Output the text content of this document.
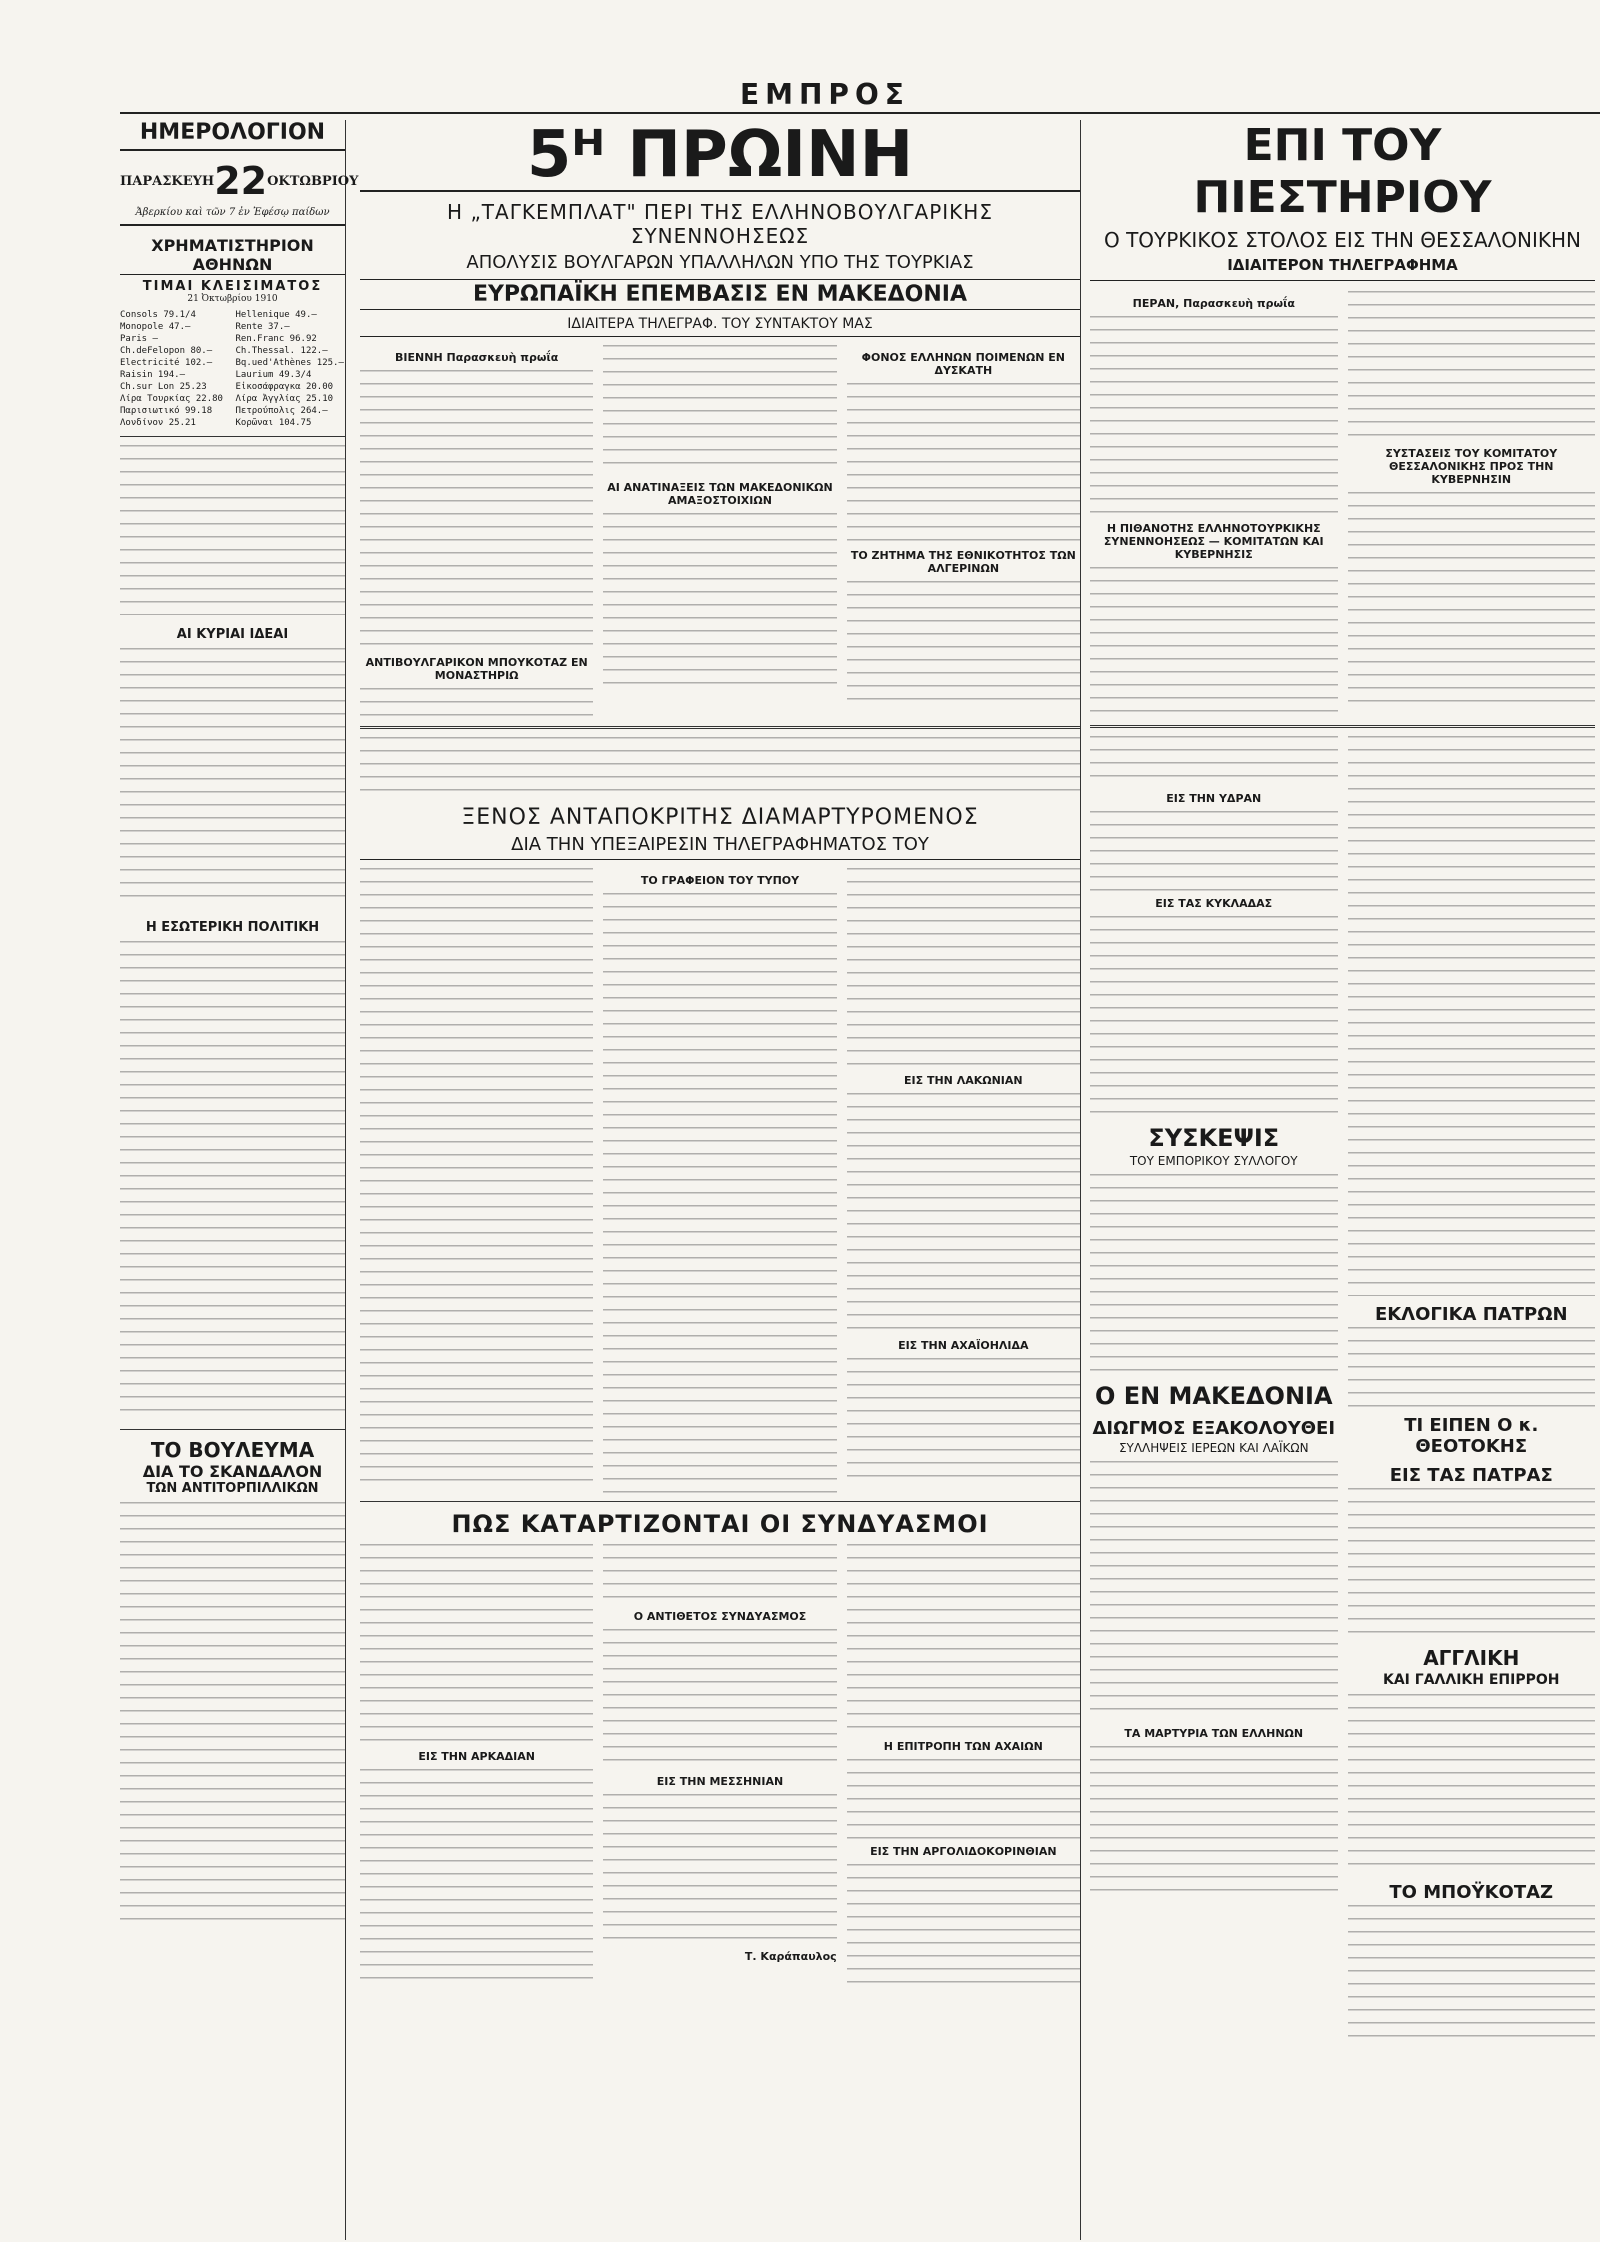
ΕΜΠΡΟΣ
ΗΜΕΡΟΛΟΓΙΟΝ
ΠΑΡΑΣΚΕΥΗ 22 ΟΚΤΩΒΡΙΟΥ
Ἀβερκίου καὶ τῶν 7 ἐν Ἐφέσῳ παίδων
ΧΡΗΜΑΤΙΣΤΗΡΙΟΝ ΑΘΗΝΩΝ
ΤΙΜΑΙ ΚΛΕΙΣΙΜΑΤΟΣ
21 Ὀκτωβρίου 1910
Consols 79.1/4	Hellenique 49.—
Monopole 47.—	Rente 37.—
Paris —	Ren.Franc 96.92
Ch.deFelopon 80.—	Ch.Thessal. 122.—
Electricité 102.—	Bq.ued'Athènes 125.—
Raisin 194.—	Laurium 49.3/4
Ch.sur Lon 25.23	Εἰκοσάφραγκα 20.00
Λίρα Τουρκίας 22.80	Λίρα Ἀγγλίας 25.10
Παρισιωτικό 99.18	Πετρούπολις 264.—
Λονδίνον 25.21	Κορῶναι 104.75
ΑΙ ΚΥΡΙΑΙ ΙΔΕΑΙ
Η ΕΣΩΤΕΡΙΚΗ ΠΟΛΙΤΙΚΗ
ΤΟ ΒΟΥΛΕΥΜΑ
ΔΙΑ ΤΟ ΣΚΑΝΔΑΛΟΝ
ΤΩΝ ΑΝΤΙΤΟΡΠΙΛΛΙΚΩΝ
5ᴴ ΠΡΩΙΝΗ
Η „ΤΑΓΚΕΜΠΛΑΤ" ΠΕΡΙ ΤΗΣ ΕΛΛΗΝΟΒΟΥΛΓΑΡΙΚΗΣ ΣΥΝΕΝΝΟΗΣΕΩΣ
ΑΠΟΛΥΣΙΣ ΒΟΥΛΓΑΡΩΝ ΥΠΑΛΛΗΛΩΝ ΥΠΟ ΤΗΣ ΤΟΥΡΚΙΑΣ
ΕΥΡΩΠΑΪΚΗ ΕΠΕΜΒΑΣΙΣ ΕΝ ΜΑΚΕΔΟΝΙΑ
ΙΔΙΑΙΤΕΡΑ ΤΗΛΕΓΡΑΦ. ΤΟΥ ΣΥΝΤΑΚΤΟΥ ΜΑΣ
ΒΙΕΝΝΗ Παρασκευὴ πρωΐα
ΑΝΤΙΒΟΥΛΓΑΡΙΚΟΝ ΜΠΟΥΚΟΤΑΖ ΕΝ ΜΟΝΑΣΤΗΡΙΩ
ΑΙ ΑΝΑΤΙΝΑΞΕΙΣ ΤΩΝ ΜΑΚΕΔΟΝΙΚΩΝ ΑΜΑΞΟΣΤΟΙΧΙΩΝ
ΦΟΝΟΣ ΕΛΛΗΝΩΝ ΠΟΙΜΕΝΩΝ ΕΝ ΔΥΣΚΑΤΗ
ΤΟ ΖΗΤΗΜΑ ΤΗΣ ΕΘΝΙΚΟΤΗΤΟΣ ΤΩΝ ΑΛΓΕΡΙΝΩΝ
ΞΕΝΟΣ ΑΝΤΑΠΟΚΡΙΤΗΣ ΔΙΑΜΑΡΤΥΡΟΜΕΝΟΣ
ΔΙΑ ΤΗΝ ΥΠΕΞΑΙΡΕΣΙΝ ΤΗΛΕΓΡΑΦΗΜΑΤΟΣ ΤΟΥ
ΤΟ ΓΡΑΦΕΙΟΝ ΤΟΥ ΤΥΠΟΥ
ΕΙΣ ΤΗΝ ΛΑΚΩΝΙΑΝ
ΕΙΣ ΤΗΝ ΑΧΑΪΟΗΛΙΔΑ
ΠΩΣ ΚΑΤΑΡΤΙΖΟΝΤΑΙ ΟΙ ΣΥΝΔΥΑΣΜΟΙ
ΕΙΣ ΤΗΝ ΑΡΚΑΔΙΑΝ
Ο ΑΝΤΙΘΕΤΟΣ ΣΥΝΔΥΑΣΜΟΣ
ΕΙΣ ΤΗΝ ΜΕΣΣΗΝΙΑΝ
Τ. Καράπαυλος
Η ΕΠΙΤΡΟΠΗ ΤΩΝ ΑΧΑΙΩΝ
ΕΙΣ ΤΗΝ ΑΡΓΟΛΙΔΟΚΟΡΙΝΘΙΑΝ
ΕΠΙ ΤΟΥ ΠΙΕΣΤΗΡΙΟΥ
Ο ΤΟΥΡΚΙΚΟΣ ΣΤΟΛΟΣ ΕΙΣ ΤΗΝ ΘΕΣΣΑΛΟΝΙΚΗΝ
ΙΔΙΑΙΤΕΡΟΝ ΤΗΛΕΓΡΑΦΗΜΑ
ΠΕΡΑΝ, Παρασκευὴ πρωΐα
Η ΠΙΘΑΝΟΤΗΣ ΕΛΛΗΝΟΤΟΥΡΚΙΚΗΣ ΣΥΝΕΝΝΟΗΣΕΩΣ — ΚΟΜΙΤΑΤΩΝ ΚΑΙ ΚΥΒΕΡΝΗΣΙΣ
ΣΥΣΤΑΣΕΙΣ ΤΟΥ ΚΟΜΙΤΑΤΟΥ ΘΕΣΣΑΛΟΝΙΚΗΣ ΠΡΟΣ ΤΗΝ ΚΥΒΕΡΝΗΣΙΝ
ΕΙΣ ΤΗΝ ΥΔΡΑΝ
ΕΙΣ ΤΑΣ ΚΥΚΛΑΔΑΣ
ΣΥΣΚΕΨΙΣ
ΤΟΥ ΕΜΠΟΡΙΚΟΥ ΣΥΛΛΟΓΟΥ
Ο ΕΝ ΜΑΚΕΔΟΝΙΑ
ΔΙΩΓΜΟΣ ΕΞΑΚΟΛΟΥΘΕΙ
ΣΥΛΛΗΨΕΙΣ ΙΕΡΕΩΝ ΚΑΙ ΛΑΪΚΩΝ
ΤΑ ΜΑΡΤΥΡΙΑ ΤΩΝ ΕΛΛΗΝΩΝ
ΕΚΛΟΓΙΚΑ ΠΑΤΡΩΝ
ΤΙ ΕΙΠΕΝ Ο κ. ΘΕΟΤΟΚΗΣ
ΕΙΣ ΤΑΣ ΠΑΤΡΑΣ
ΑΓΓΛΙΚΗ
ΚΑΙ ΓΑΛΛΙΚΗ ΕΠΙΡΡΟΗ
ΤΟ ΜΠΟΫΚΟΤΑΖ
